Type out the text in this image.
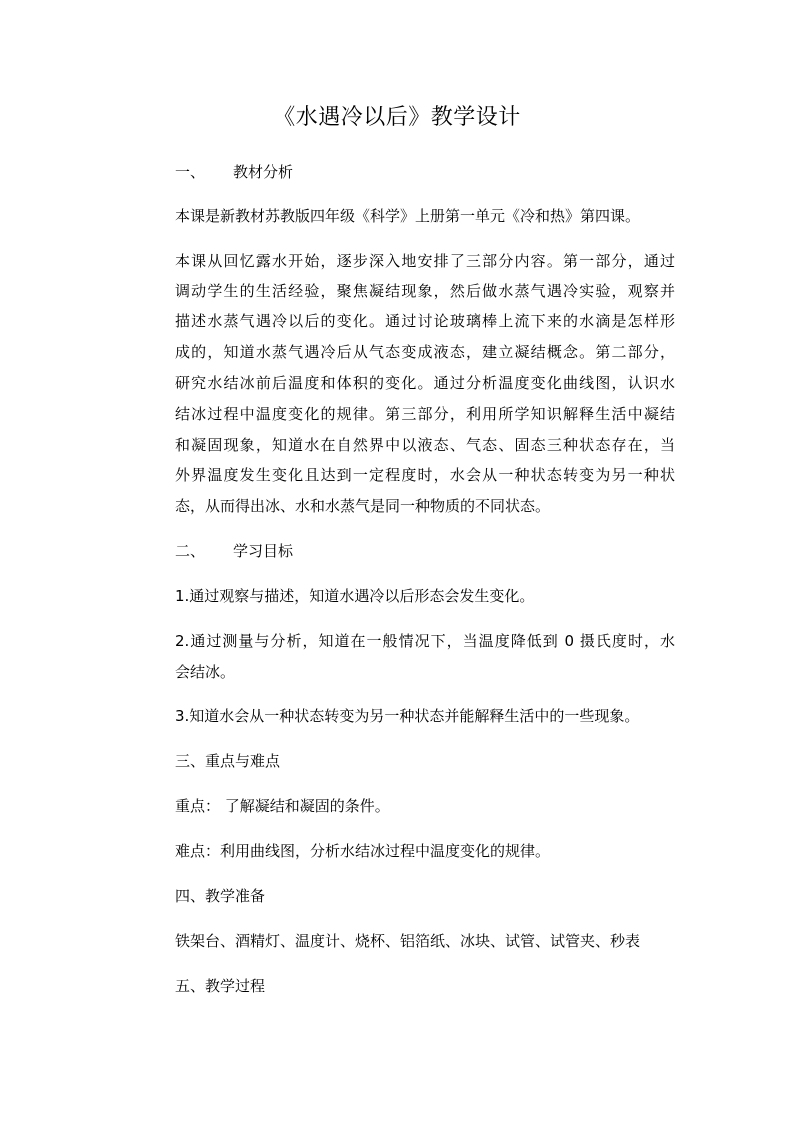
《水遇冷以后》教学设计
一、 教材分析
本课是新教材苏教版四年级《科学》上册第一单元《冷和热》第四课。
本课从回忆露水开始，逐步深入地安排了三部分内容。第一部分，通过
调动学生的生活经验，聚焦凝结现象，然后做水蒸气遇冷实验，观察并
描述水蒸气遇冷以后的变化。通过讨论玻璃棒上流下来的水滴是怎样形
成的，知道水蒸气遇冷后从气态变成液态，建立凝结概念。第二部分，
研究水结冰前后温度和体积的变化。通过分析温度变化曲线图，认识水
结冰过程中温度变化的规律。第三部分，利用所学知识解释生活中凝结
和凝固现象，知道水在自然界中以液态、气态、固态三种状态存在，当
外界温度发生变化且达到一定程度时，水会从一种状态转变为另一种状
态，从而得出冰、水和水蒸气是同一种物质的不同状态。
二、 学习目标
1.通过观察与描述，知道水遇冷以后形态会发生变化。
2.通过测量与分析，知道在一般情况下，当温度降低到 0 摄氏度时，水
会结冰。
3.知道水会从一种状态转变为另一种状态并能解释生活中的一些现象。
三、重点与难点
重点： 了解凝结和凝固的条件。
难点：利用曲线图，分析水结冰过程中温度变化的规律。
四、教学准备
铁架台、酒精灯、温度计、烧杯、铝箔纸、冰块、试管、试管夹、秒表
五、教学过程
